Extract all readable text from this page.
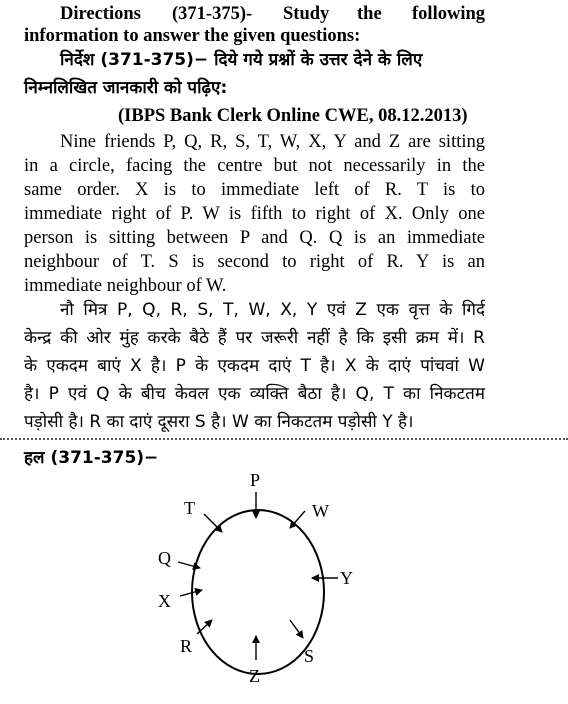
Directions (371-375)- Study the following
information to answer the given questions:
निर्देश (371-375)− दिये गये प्रश्नों के उत्तर देने के लिए
निम्नलिखित जानकारी को पढ़िए:
(IBPS Bank Clerk Online CWE, 08.12.2013)
Nine friends P, Q, R, S, T, W, X, Y and Z are sitting
in a circle, facing the centre but not necessarily in the
same order. X is to immediate left of R. T is to
immediate right of P. W is fifth to right of X. Only one
person is sitting between P and Q. Q is an immediate
neighbour of T. S is second to right of R. Y is an
immediate neighbour of W.
नौ मित्र P, Q, R, S, T, W, X, Y एवं Z एक वृत्त के गिर्द
केन्द्र की ओर मुंह करके बैठे हैं पर जरूरी नहीं है कि इसी क्रम में। R
के एकदम बाएं X है। P के एकदम दाएं T है। X के दाएं पांचवां W
है। P एवं Q के बीच केवल एक व्यक्ति बैठा है। Q, T का निकटतम
पड़ोसी है। R का दाएं दूसरा S है। W का निकटतम पड़ोसी Y है।
हल (371-375)−
P
W
Y
S
Z
R
X
Q
T
